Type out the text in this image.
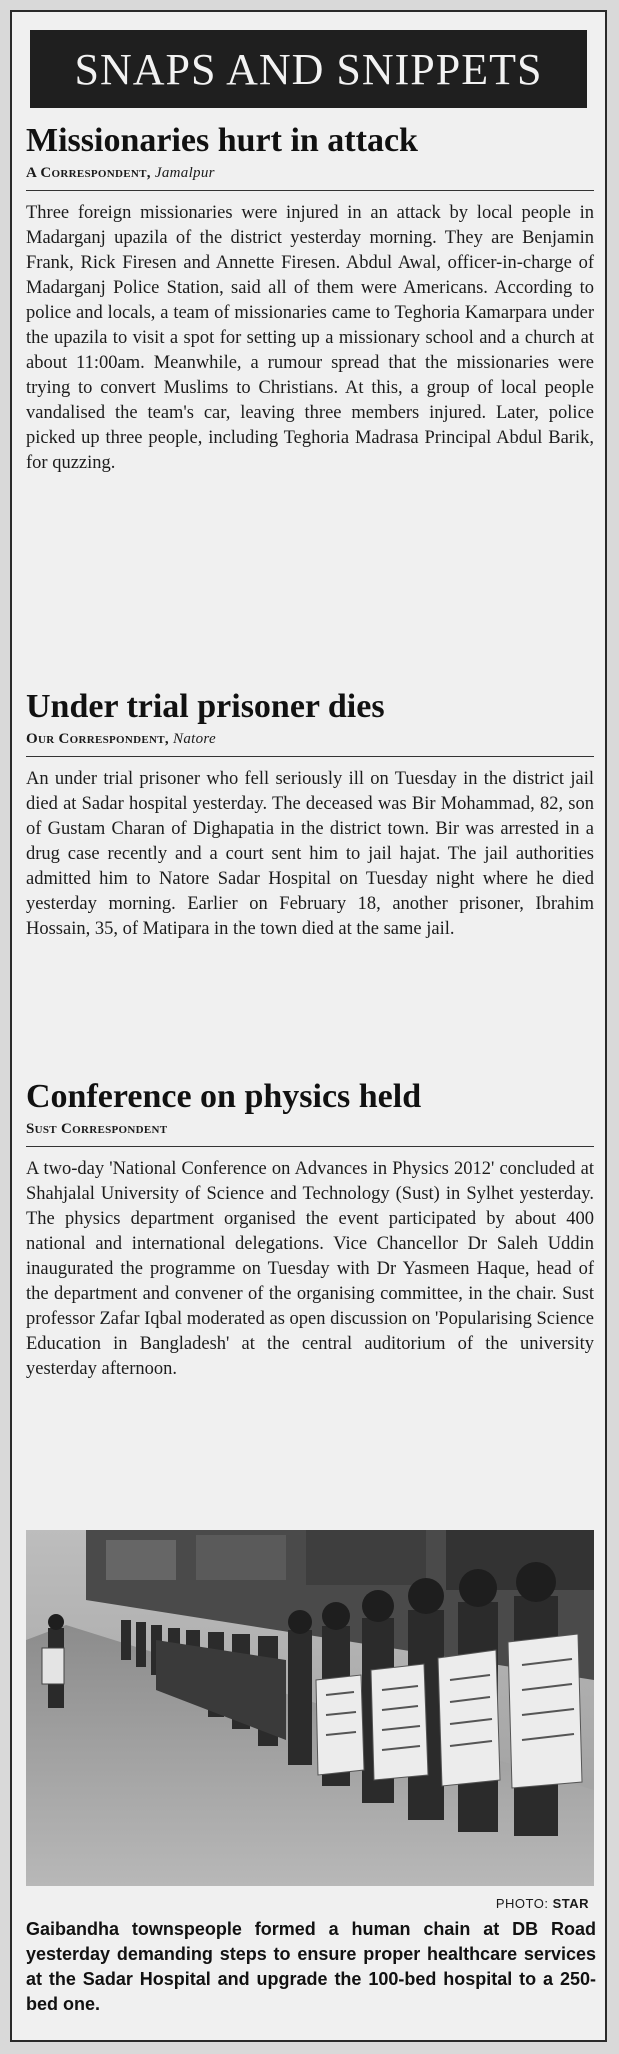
SNAPS AND SNIPPETS
Missionaries hurt in attack
A Correspondent, Jamalpur
Three foreign missionaries were injured in an attack by local people in Madarganj upazila of the district yesterday morning. They are Benjamin Frank, Rick Firesen and Annette Firesen. Abdul Awal, officer-in-charge of Madarganj Police Station, said all of them were Americans. According to police and locals, a team of missionaries came to Teghoria Kamarpara under the upazila to visit a spot for setting up a missionary school and a church at about 11:00am. Meanwhile, a rumour spread that the missionaries were trying to convert Muslims to Christians. At this, a group of local people vandalised the team's car, leaving three members injured. Later, police picked up three people, including Teghoria Madrasa Principal Abdul Barik, for quzzing.
Under trial prisoner dies
Our Correspondent, Natore
An under trial prisoner who fell seriously ill on Tuesday in the district jail died at Sadar hospital yesterday. The deceased was Bir Mohammad, 82, son of Gustam Charan of Dighapatia in the district town. Bir was arrested in a drug case recently and a court sent him to jail hajat. The jail authorities admitted him to Natore Sadar Hospital on Tuesday night where he died yesterday morning. Earlier on February 18, another prisoner, Ibrahim Hossain, 35, of Matipara in the town died at the same jail.
Conference on physics held
Sust Correspondent
A two-day 'National Conference on Advances in Physics 2012' concluded at Shahjalal University of Science and Technology (Sust) in Sylhet yesterday. The physics department organised the event participated by about 400 national and international delegations. Vice Chancellor Dr Saleh Uddin inaugurated the programme on Tuesday with Dr Yasmeen Haque, head of the department and convener of the organising committee, in the chair. Sust professor Zafar Iqbal moderated as open discussion on 'Popularising Science Education in Bangladesh' at the central auditorium of the university yesterday afternoon.
PHOTO: STAR
Gaibandha townspeople formed a human chain at DB Road yesterday demanding steps to ensure proper healthcare services at the Sadar Hospital and upgrade the 100-bed hospital to a 250-bed one.
